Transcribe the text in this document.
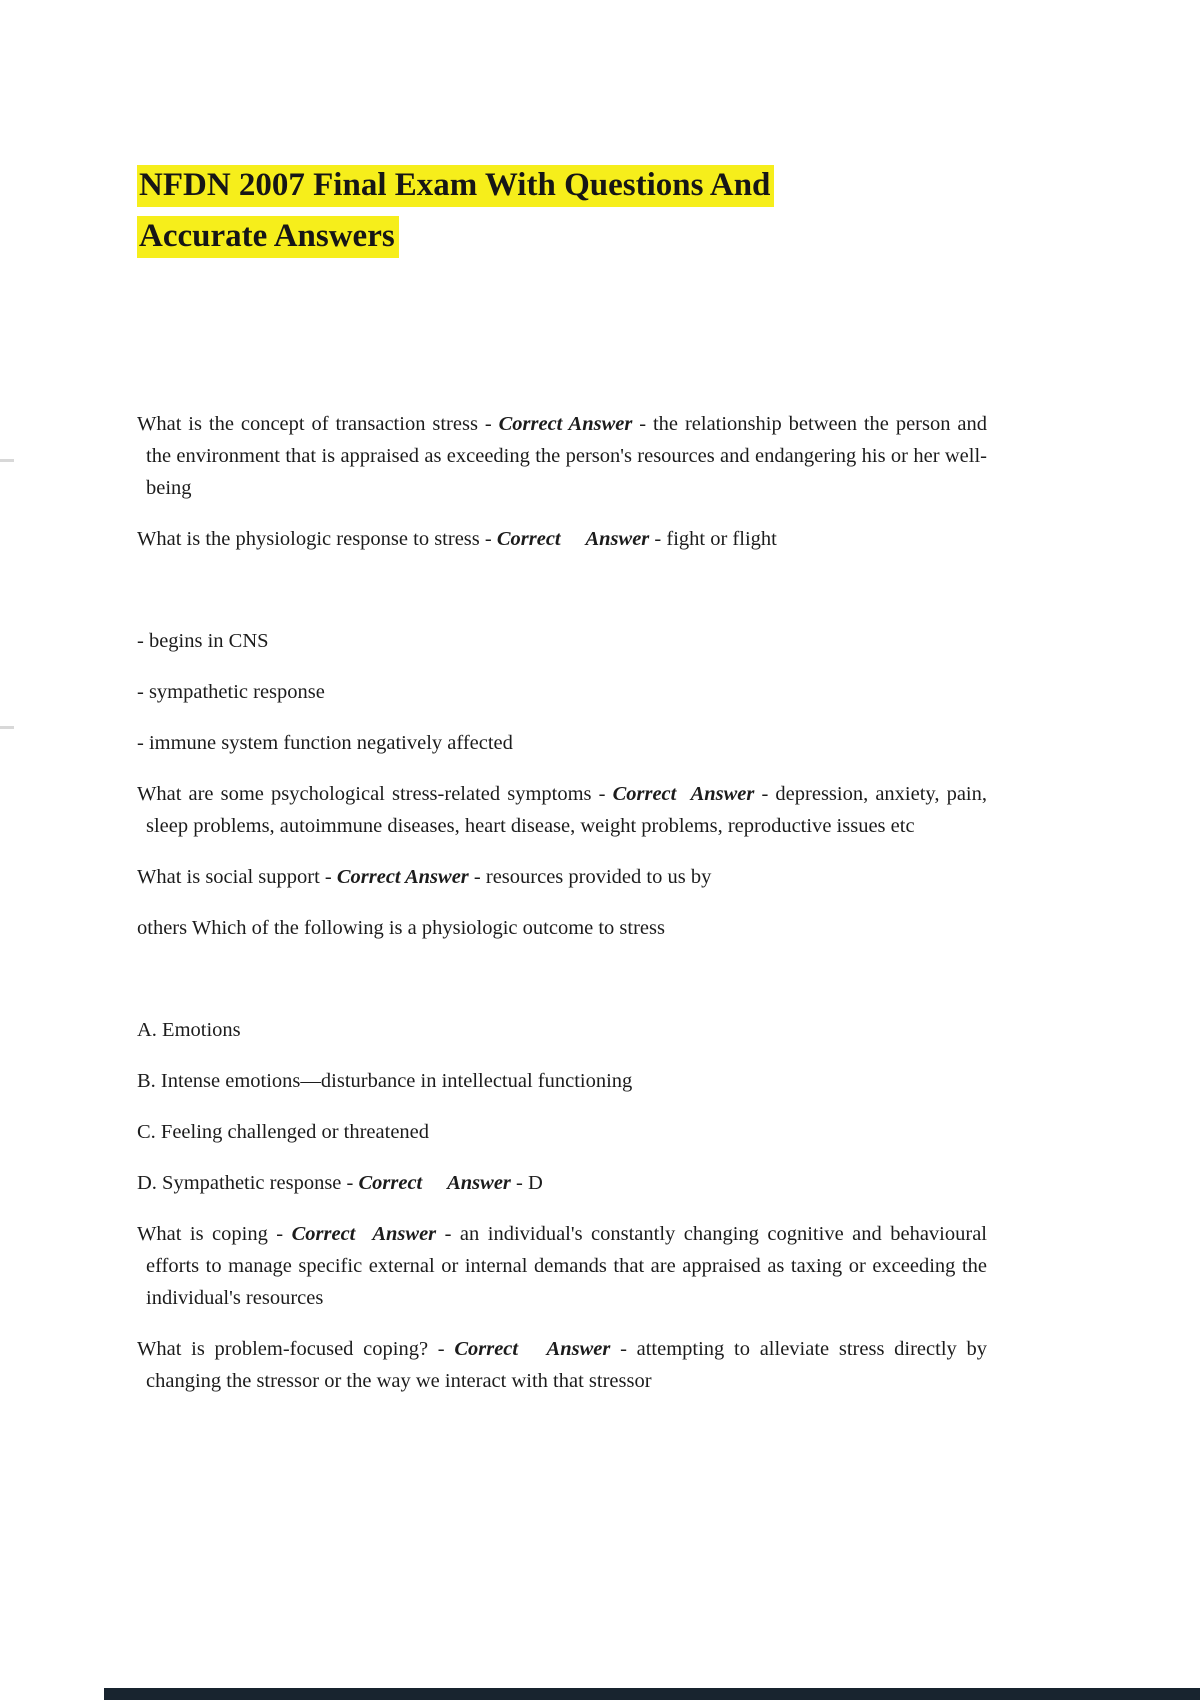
NFDN 2007 Final Exam With Questions And
Accurate Answers

What is the concept of transaction stress - Correct Answer - the relationship between the person and the environment that is appraised as exceeding the person's resources and endangering his or her well-being

What is the physiologic response to stress - Correct     Answer - fight or flight

- begins in CNS

- sympathetic response

- immune system function negatively affected

What are some psychological stress-related symptoms - Correct  Answer - depression, anxiety, pain, sleep problems, autoimmune diseases, heart disease, weight problems, reproductive issues etc

What is social support - Correct Answer - resources provided to us by

others Which of the following is a physiologic outcome to stress

A. Emotions

B. Intense emotions—disturbance in intellectual functioning

C. Feeling challenged or threatened

D. Sympathetic response - Correct     Answer - D

What is coping - Correct  Answer - an individual's constantly changing cognitive and behavioural efforts to manage specific external or internal demands that are appraised as taxing or exceeding the individual's resources

What is problem-focused coping? - Correct   Answer - attempting to alleviate stress directly by changing the stressor or the way we interact with that stressor
